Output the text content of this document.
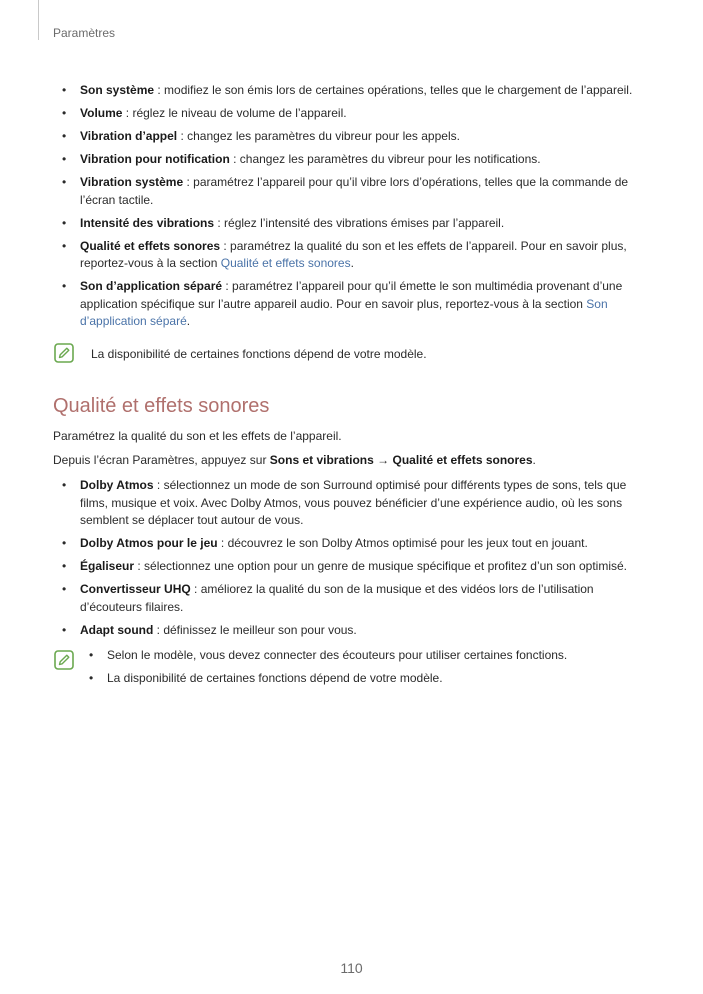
Paramètres
• Son système : modifiez le son émis lors de certaines opérations, telles que le chargement de l’appareil.
• Volume : réglez le niveau de volume de l’appareil.
• Vibration d’appel : changez les paramètres du vibreur pour les appels.
• Vibration pour notification : changez les paramètres du vibreur pour les notifications.
• Vibration système : paramétrez l’appareil pour qu’il vibre lors d’opérations, telles que la commande de l’écran tactile.
• Intensité des vibrations : réglez l’intensité des vibrations émises par l’appareil.
• Qualité et effets sonores : paramétrez la qualité du son et les effets de l’appareil. Pour en savoir plus, reportez-vous à la section Qualité et effets sonores.
• Son d’application séparé : paramétrez l’appareil pour qu’il émette le son multimédia provenant d’une application spécifique sur l’autre appareil audio. Pour en savoir plus, reportez-vous à la section Son d’application séparé.
La disponibilité de certaines fonctions dépend de votre modèle.
Qualité et effets sonores

Paramétrez la qualité du son et les effets de l’appareil.

Depuis l’écran Paramètres, appuyez sur Sons et vibrations → Qualité et effets sonores.

• Dolby Atmos : sélectionnez un mode de son Surround optimisé pour différents types de sons, tels que films, musique et voix. Avec Dolby Atmos, vous pouvez bénéficier d’une expérience audio, où les sons semblent se déplacer tout autour de vous.
• Dolby Atmos pour le jeu : découvrez le son Dolby Atmos optimisé pour les jeux tout en jouant.
• Égaliseur : sélectionnez une option pour un genre de musique spécifique et profitez d’un son optimisé.
• Convertisseur UHQ : améliorez la qualité du son de la musique et des vidéos lors de l’utilisation d’écouteurs filaires.
• Adapt sound : définissez le meilleur son pour vous.
• Selon le modèle, vous devez connecter des écouteurs pour utiliser certaines fonctions.
• La disponibilité de certaines fonctions dépend de votre modèle.
110
